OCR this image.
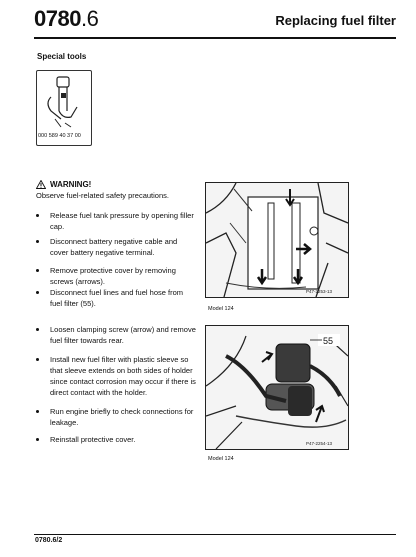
0780.6	Replacing fuel filter
Special tools
000 589 40 37 00
WARNING!
Observe fuel-related safety precautions.
Release fuel tank pressure by opening filler cap.
Disconnect battery negative cable and cover battery negative terminal.
Remove protective cover by removing screws (arrows).
Disconnect fuel lines and fuel hose from fuel filter (55).
Loosen clamping screw (arrow) and remove fuel filter towards rear.
Install new fuel filter with plastic sleeve so that sleeve extends on both sides of holder since contact corrosion may occur if there is direct contact with the holder.
Run engine briefly to check connections for leakage.
Reinstall protective cover.
P47-2253-13
Model 124
55
P47-2254-13
Model 124
0780.6/2
